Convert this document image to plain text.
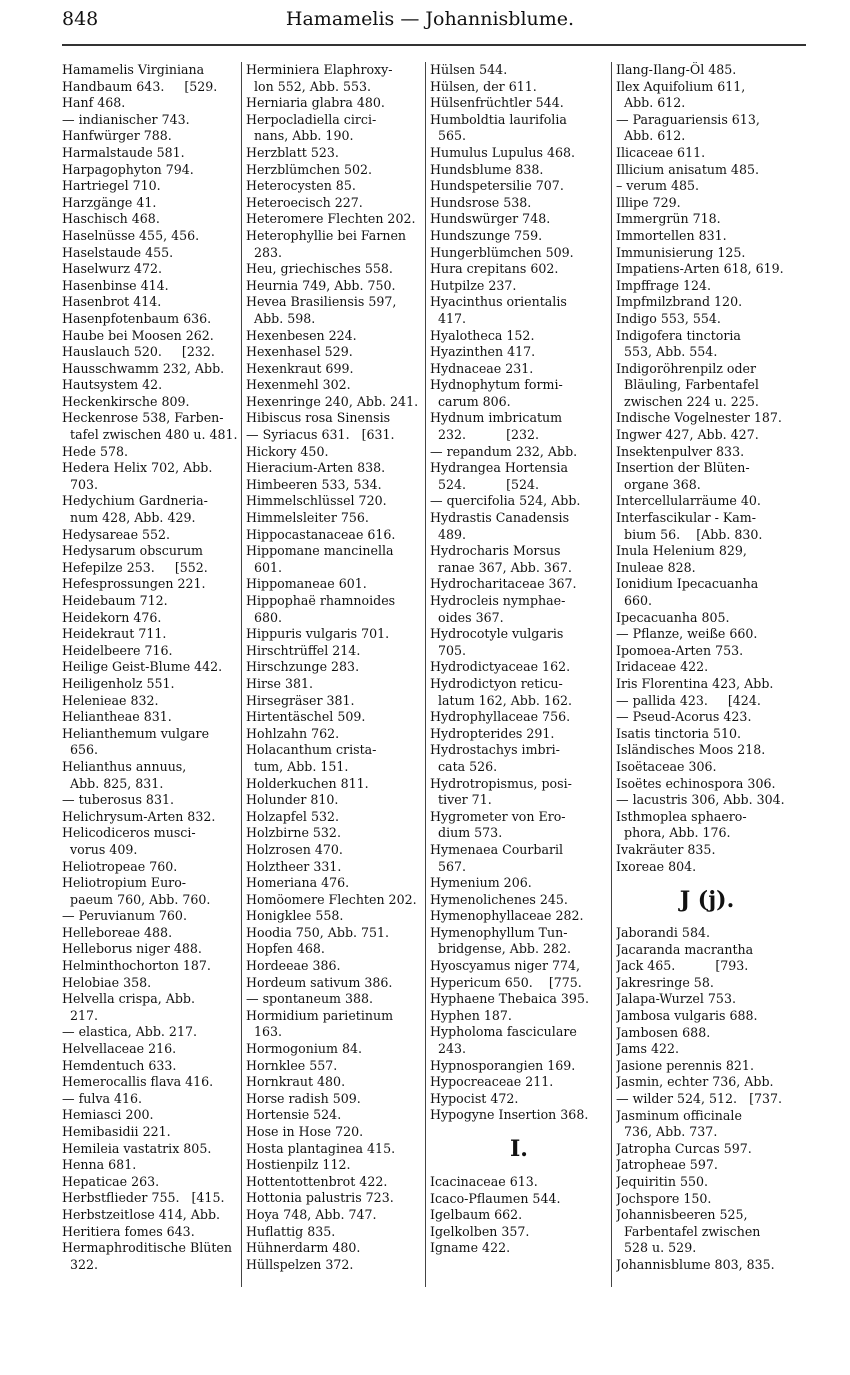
848	Hamamelis — Johannisblume.
Hamamelis Virginiana
Handbaum 643.     [529.
Hanf 468.
— indianischer 743.
Hanfwürger 788.
Harmalstaude 581.
Harpagophyton 794.
Hartriegel 710.
Harzgänge 41.
Haschisch 468.
Haselnüsse 455, 456.
Haselstaude 455.
Haselwurz 472.
Hasenbinse 414.
Hasenbrot 414.
Hasenpfotenbaum 636.
Haube bei Moosen 262.
Hauslauch 520.     [232.
Hausschwamm 232, Abb.
Hautsystem 42.
Heckenkirsche 809.
Heckenrose 538, Farben-
tafel zwischen 480 u. 481.
Hede 578.
Hedera Helix 702, Abb.
703.
Hedychium Gardneria-
num 428, Abb. 429.
Hedysareae 552.
Hedysarum obscurum
Hefepilze 253.     [552.
Hefesprossungen 221.
Heidebaum 712.
Heidekorn 476.
Heidekraut 711.
Heidelbeere 716.
Heilige Geist-Blume 442.
Heiligenholz 551.
Helenieae 832.
Heliantheae 831.
Helianthemum vulgare
656.
Helianthus annuus,
Abb. 825, 831.
— tuberosus 831.
Helichrysum-Arten 832.
Helicodiceros musci-
vorus 409.
Heliotropeae 760.
Heliotropium Euro-
paeum 760, Abb. 760.
— Peruvianum 760.
Helleboreae 488.
Helleborus niger 488.
Helminthochorton 187.
Helobiae 358.
Helvella crispa, Abb.
217.
— elastica, Abb. 217.
Helvellaceae 216.
Hemdentuch 633.
Hemerocallis flava 416.
— fulva 416.
Hemiasci 200.
Hemibasidii 221.
Hemileia vastatrix 805.
Henna 681.
Hepaticae 263.
Herbstflieder 755.   [415.
Herbstzeitlose 414, Abb.
Heritiera fomes 643.
Hermaphroditische Blüten
322.
Herminiera Elaphroxy-
lon 552, Abb. 553.
Herniaria glabra 480.
Herpocladiella circi-
nans, Abb. 190.
Herzblatt 523.
Herzblümchen 502.
Heterocysten 85.
Heteroecisch 227.
Heteromere Flechten 202.
Heterophyllie bei Farnen
283.
Heu, griechisches 558.
Heurnia 749, Abb. 750.
Hevea Brasiliensis 597,
Abb. 598.
Hexenbesen 224.
Hexenhasel 529.
Hexenkraut 699.
Hexenmehl 302.
Hexenringe 240, Abb. 241.
Hibiscus rosa Sinensis
— Syriacus 631.   [631.
Hickory 450.
Hieracium-Arten 838.
Himbeeren 533, 534.
Himmelschlüssel 720.
Himmelsleiter 756.
Hippocastanaceae 616.
Hippomane mancinella
601.
Hippomaneae 601.
Hippophaë rhamnoides
680.
Hippuris vulgaris 701.
Hirschtrüffel 214.
Hirschzunge 283.
Hirse 381.
Hirsegräser 381.
Hirtentäschel 509.
Hohlzahn 762.
Holacanthum crista-
tum, Abb. 151.
Holderkuchen 811.
Holunder 810.
Holzapfel 532.
Holzbirne 532.
Holzrosen 470.
Holztheer 331.
Homeriana 476.
Homöomere Flechten 202.
Honigklee 558.
Hoodia 750, Abb. 751.
Hopfen 468.
Hordeeae 386.
Hordeum sativum 386.
— spontaneum 388.
Hormidium parietinum
163.
Hormogonium 84.
Hornklee 557.
Hornkraut 480.
Horse radish 509.
Hortensie 524.
Hose in Hose 720.
Hosta plantaginea 415.
Hostienpilz 112.
Hottentottenbrot 422.
Hottonia palustris 723.
Hoya 748, Abb. 747.
Huflattig 835.
Hühnerdarm 480.
Hüllspelzen 372.
Hülsen 544.
Hülsen, der 611.
Hülsenfrüchtler 544.
Humboldtia laurifolia
565.
Humulus Lupulus 468.
Hundsblume 838.
Hundspetersilie 707.
Hundsrose 538.
Hundswürger 748.
Hundszunge 759.
Hungerblümchen 509.
Hura crepitans 602.
Hutpilze 237.
Hyacinthus orientalis
417.
Hyalotheca 152.
Hyazinthen 417.
Hydnaceae 231.
Hydnophytum formi-
carum 806.
Hydnum imbricatum
232.          [232.
— repandum 232, Abb.
Hydrangea Hortensia
524.          [524.
— quercifolia 524, Abb.
Hydrastis Canadensis
489.
Hydrocharis Morsus
ranae 367, Abb. 367.
Hydrocharitaceae 367.
Hydrocleis nymphae-
oides 367.
Hydrocotyle vulgaris
705.
Hydrodictyaceae 162.
Hydrodictyon reticu-
latum 162, Abb. 162.
Hydrophyllaceae 756.
Hydropterides 291.
Hydrostachys imbri-
cata 526.
Hydrotropismus, posi-
tiver 71.
Hygrometer von Ero-
dium 573.
Hymenaea Courbaril
567.
Hymenium 206.
Hymenolichenes 245.
Hymenophyllaceae 282.
Hymenophyllum Tun-
bridgense, Abb. 282.
Hyoscyamus niger 774,
Hypericum 650.    [775.
Hyphaene Thebaica 395.
Hyphen 187.
Hypholoma fasciculare
243.
Hypnosporangien 169.
Hypocreaceae 211.
Hypocist 472.
Hypogyne Insertion 368.
I.
Icacinaceae 613.
Icaco-Pflaumen 544.
Igelbaum 662.
Igelkolben 357.
Igname 422.
Ilang-Ilang-Öl 485.
Ilex Aquifolium 611,
Abb. 612.
— Paraguariensis 613,
Abb. 612.
Ilicaceae 611.
Illicium anisatum 485.
– verum 485.
Illipe 729.
Immergrün 718.
Immortellen 831.
Immunisierung 125.
Impatiens-Arten 618, 619.
Impffrage 124.
Impfmilzbrand 120.
Indigo 553, 554.
Indigofera tinctoria
553, Abb. 554.
Indigoröhrenpilz oder
Bläuling, Farbentafel
zwischen 224 u. 225.
Indische Vogelnester 187.
Ingwer 427, Abb. 427.
Insektenpulver 833.
Insertion der Blüten-
organe 368.
Intercellularräume 40.
Interfascikular - Kam-
bium 56.    [Abb. 830.
Inula Helenium 829,
Inuleae 828.
Ionidium Ipecacuanha
660.
Ipecacuanha 805.
— Pflanze, weiße 660.
Ipomoea-Arten 753.
Iridaceae 422.
Iris Florentina 423, Abb.
— pallida 423.     [424.
— Pseud-Acorus 423.
Isatis tinctoria 510.
Isländisches Moos 218.
Isoëtaceae 306.
Isoëtes echinospora 306.
— lacustris 306, Abb. 304.
Isthmoplea sphaero-
phora, Abb. 176.
Ivakräuter 835.
Ixoreae 804.
J (j).
Jaborandi 584.
Jacaranda macrantha
Jack 465.          [793.
Jakresringe 58.
Jalapa-Wurzel 753.
Jambosa vulgaris 688.
Jambosen 688.
Jams 422.
Jasione perennis 821.
Jasmin, echter 736, Abb.
— wilder 524, 512.   [737.
Jasminum officinale
736, Abb. 737.
Jatropha Curcas 597.
Jatropheae 597.
Jequiritin 550.
Jochspore 150.
Johannisbeeren 525,
Farbentafel zwischen
528 u. 529.
Johannisblume 803, 835.
